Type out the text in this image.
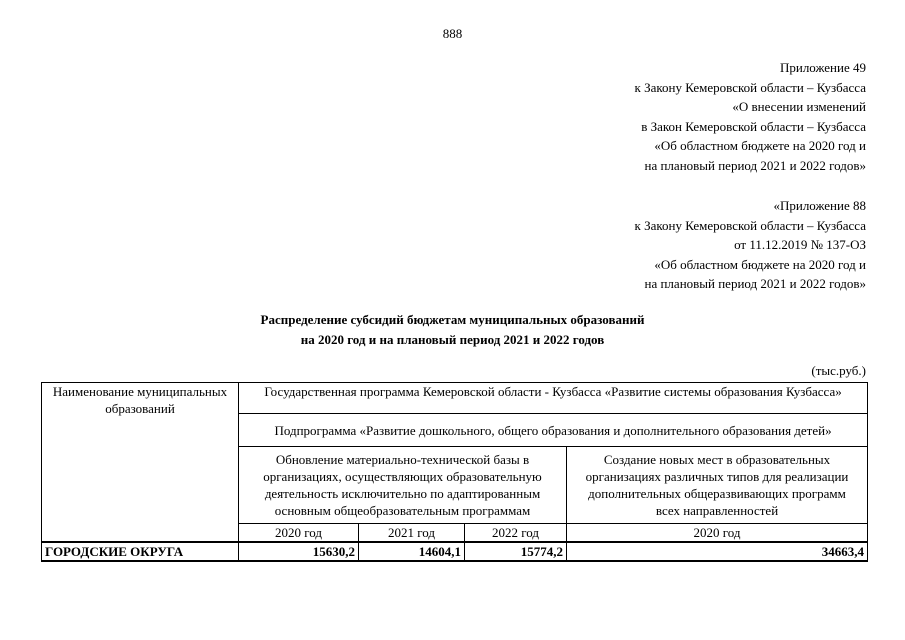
888
Приложение 49
к Закону Кемеровской области – Кузбасса
«О внесении изменений
в Закон Кемеровской области – Кузбасса
«Об областном бюджете на 2020 год и
на плановый период 2021 и 2022 годов»
«Приложение 88
к Закону Кемеровской области – Кузбасса
от 11.12.2019 № 137-ОЗ
«Об областном бюджете на 2020 год и
на плановый период 2021 и 2022 годов»
Распределение субсидий бюджетам муниципальных образований
на 2020 год и на плановый период 2021 и 2022 годов
(тыс.руб.)
Наименование муниципальных образований	Государственная программа Кемеровской области - Кузбасса «Развитие системы образования Кузбасса»			
	Подпрограмма «Развитие дошкольного, общего образования и дополнительного образования детей»			
	Обновление материально-технической базы в организациях, осуществляющих образовательную деятельность исключительно по адаптированным основным общеобразовательным программам			Создание новых мест в образовательных организациях различных типов для реализации дополнительных общеразвивающих программ всех направленностей
	2020 год	2021 год	2022 год	2020 год
ГОРОДСКИЕ ОКРУГА	15630,2	14604,1	15774,2	34663,4
